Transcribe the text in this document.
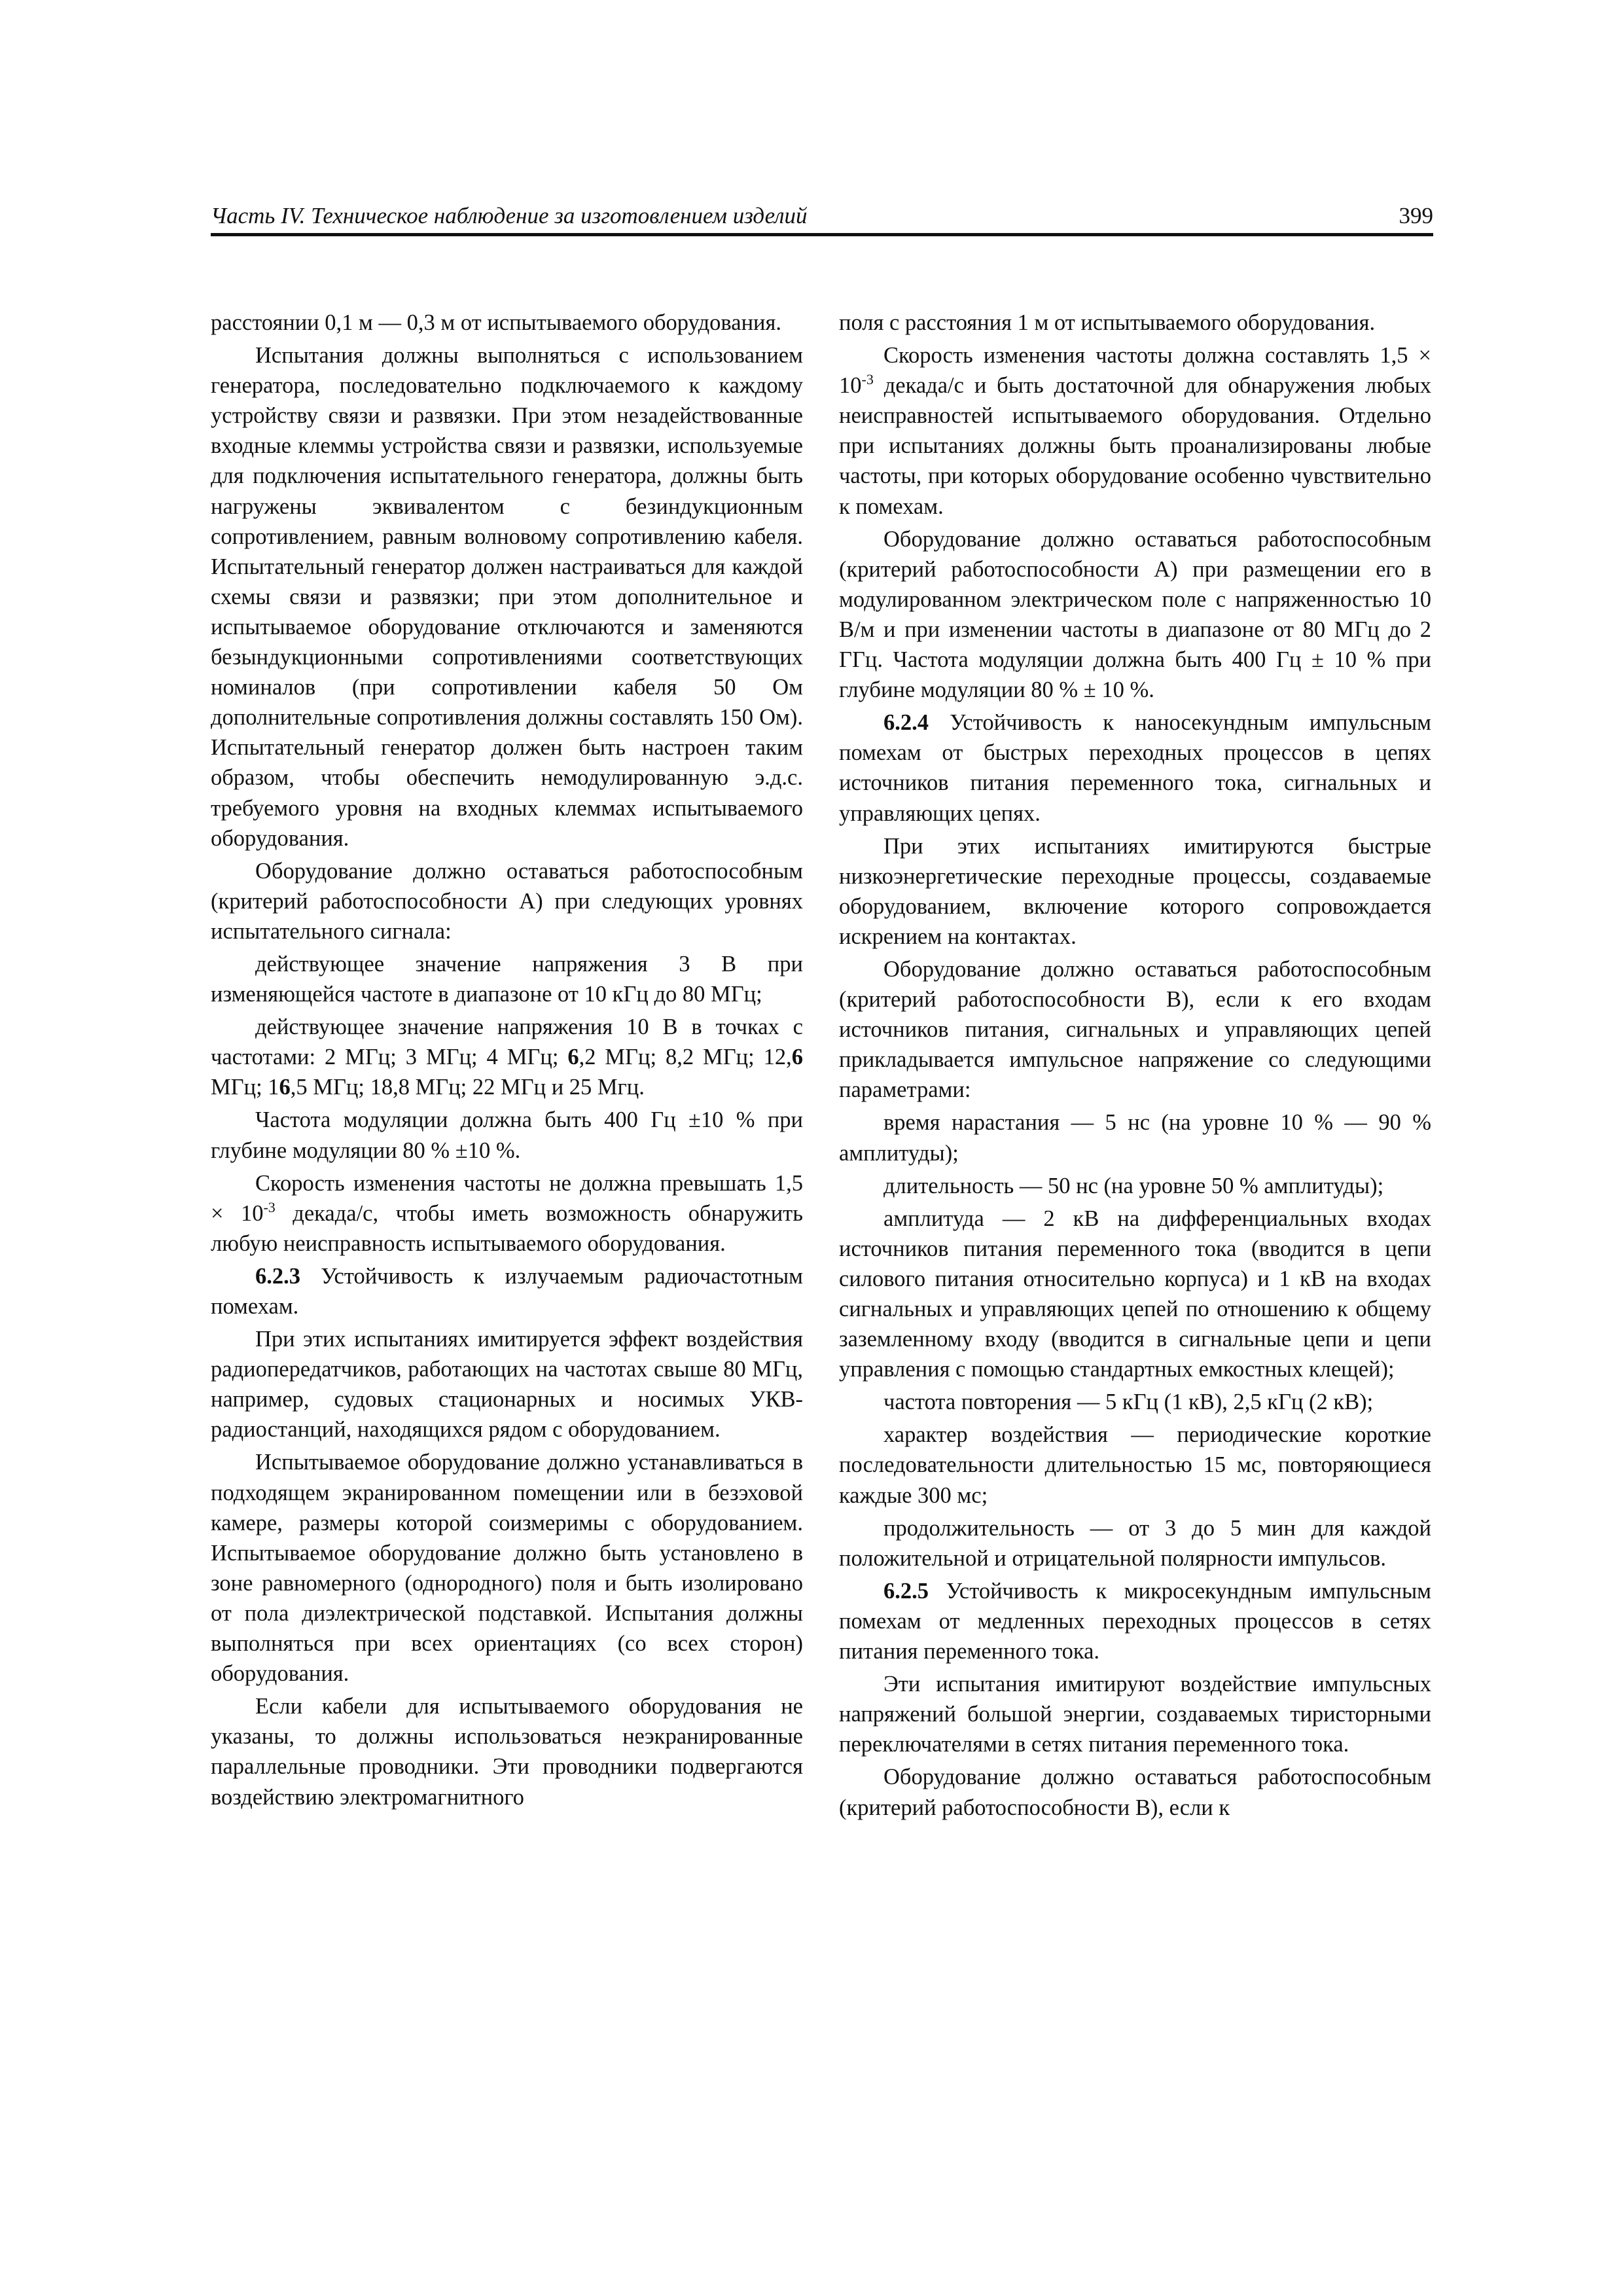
Часть IV. Техническое наблюдение за изготовлением изделий	399

расстоянии 0,1 м — 0,3 м от испытываемого оборудования.

Испытания должны выполняться с использованием генератора, последовательно подключаемого к каждому устройству связи и развязки. При этом незадействованные входные клеммы устройства связи и развязки, используемые для подключения испытательного генератора, должны быть нагружены эквивалентом с безиндукционным сопротивлением, равным волновому сопротивлению кабеля. Испытательный генератор должен настраиваться для каждой схемы связи и развязки; при этом дополнительное и испытываемое оборудование отключаются и заменяются безындукционными сопротивлениями соответствующих номиналов (при сопротивлении кабеля 50 Ом дополнительные сопротивления должны составлять 150 Ом). Испытательный генератор должен быть настроен таким образом, чтобы обеспечить немодулированную э.д.с. требуемого уровня на входных клеммах испытываемого оборудования.

Оборудование должно оставаться работоспособным (критерий работоспособности А) при следующих уровнях испытательного сигнала:

действующее значение напряжения 3 В при изменяющейся частоте в диапазоне от 10 кГц до 80 МГц;

действующее значение напряжения 10 В в точках с частотами: 2 МГц; 3 МГц; 4 МГц; 6,2 МГц; 8,2 МГц; 12,6 МГц; 16,5 МГц; 18,8 МГц; 22 МГц и 25 Мгц.

Частота модуляции должна быть 400 Гц ±10 % при глубине модуляции 80 % ±10 %.

Скорость изменения частоты не должна превышать $1,5 \times 10^{-3}$ декада/с, чтобы иметь возможность обнаружить любую неисправность испытываемого оборудования.

6.2.3 Устойчивость к излучаемым радиочастотным помехам.

При этих испытаниях имитируется эффект воздействия радиопередатчиков, работающих на частотах свыше 80 МГц, например, судовых стационарных и носимых УКВ-радиостанций, находящихся рядом с оборудованием.

Испытываемое оборудование должно устанавливаться в подходящем экранированном помещении или в безэховой камере, размеры которой соизмеримы с оборудованием. Испытываемое оборудование должно быть установлено в зоне равномерного (однородного) поля и быть изолировано от пола диэлектрической подставкой. Испытания должны выполняться при всех ориентациях (со всех сторон) оборудования.

Если кабели для испытываемого оборудования не указаны, то должны использоваться неэкранированные параллельные проводники. Эти проводники подвергаются воздействию электромагнитного

поля с расстояния 1 м от испытываемого оборудования.

Скорость изменения частоты должна составлять $1,5 \times 10^{-3}$ декада/с и быть достаточной для обнаружения любых неисправностей испытываемого оборудования. Отдельно при испытаниях должны быть проанализированы любые частоты, при которых оборудование особенно чувствительно к помехам.

Оборудование должно оставаться работоспособным (критерий работоспособности А) при размещении его в модулированном электрическом поле с напряженностью 10 В/м и при изменении частоты в диапазоне от 80 МГц до 2 ГГц. Частота модуляции должна быть 400 Гц ± 10 % при глубине модуляции 80 % ± 10 %.

6.2.4 Устойчивость к наносекундным импульсным помехам от быстрых переходных процессов в цепях источников питания переменного тока, сигнальных и управляющих цепях.

При этих испытаниях имитируются быстрые низкоэнергетические переходные процессы, создаваемые оборудованием, включение которого сопровождается искрением на контактах.

Оборудование должно оставаться работоспособным (критерий работоспособности В), если к его входам источников питания, сигнальных и управляющих цепей прикладывается импульсное напряжение со следующими параметрами:

время нарастания — 5 нс (на уровне 10 % — 90 % амплитуды);

длительность — 50 нс (на уровне 50 % амплитуды);

амплитуда — 2 кВ на дифференциальных входах источников питания переменного тока (вводится в цепи силового питания относительно корпуса) и 1 кВ на входах сигнальных и управляющих цепей по отношению к общему заземленному входу (вводится в сигнальные цепи и цепи управления с помощью стандартных емкостных клещей);

частота повторения — 5 кГц (1 кВ), 2,5 кГц (2 кВ);

характер воздействия — периодические короткие последовательности длительностью 15 мс, повторяющиеся каждые 300 мс;

продолжительность — от 3 до 5 мин для каждой положительной и отрицательной полярности импульсов.

6.2.5 Устойчивость к микросекундным импульсным помехам от медленных переходных процессов в сетях питания переменного тока.

Эти испытания имитируют воздействие импульсных напряжений большой энергии, создаваемых тиристорными переключателями в сетях питания переменного тока.

Оборудование должно оставаться работоспособным (критерий работоспособности В), если к
